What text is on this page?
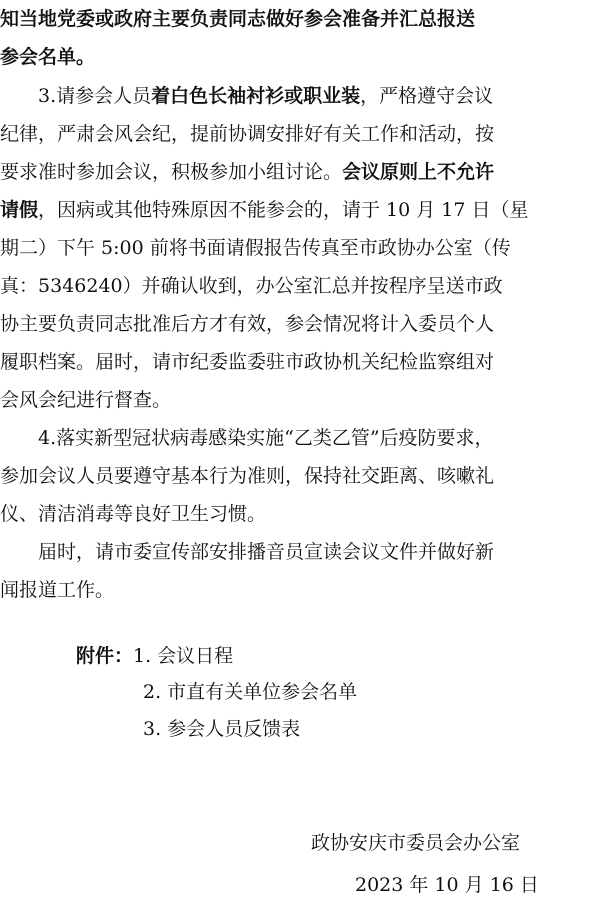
知当地党委或政府主要负责同志做好参会准备并汇总报送
参会名单。
3.请参会人员着白色长袖衬衫或职业装，严格遵守会议
纪律，严肃会风会纪，提前协调安排好有关工作和活动，按
要求准时参加会议，积极参加小组讨论。会议原则上不允许
请假，因病或其他特殊原因不能参会的，请于 10 月 17 日（星
期二）下午 5:00 前将书面请假报告传真至市政协办公室（传
真：5346240）并确认收到，办公室汇总并按程序呈送市政
协主要负责同志批准后方才有效，参会情况将计入委员个人
履职档案。届时，请市纪委监委驻市政协机关纪检监察组对
会风会纪进行督查。
4.落实新型冠状病毒感染实施“乙类乙管”后疫防要求，
参加会议人员要遵守基本行为准则，保持社交距离、咳嗽礼
仪、清洁消毒等良好卫生习惯。
届时，请市委宣传部安排播音员宣读会议文件并做好新
闻报道工作。
附件：1. 会议日程
2. 市直有关单位参会名单
3. 参会人员反馈表
政协安庆市委员会办公室
2023 年 10 月 16 日
